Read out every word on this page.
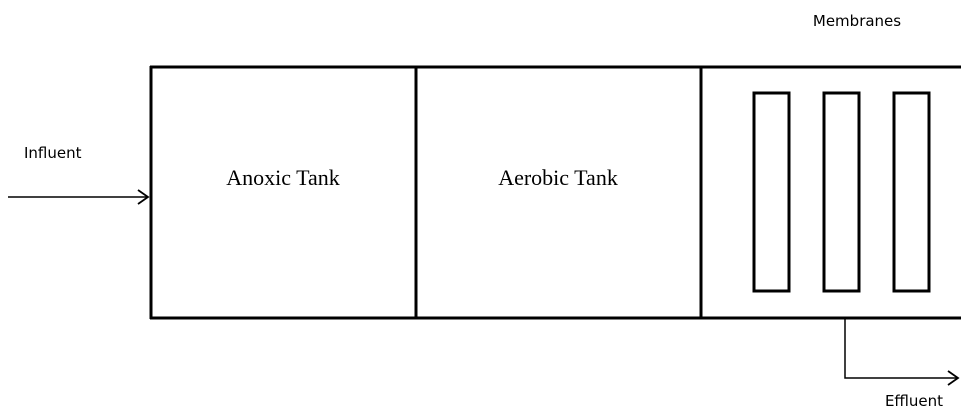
Membranes
Influent
Anoxic Tank	Aerobic Tank
Effluent
